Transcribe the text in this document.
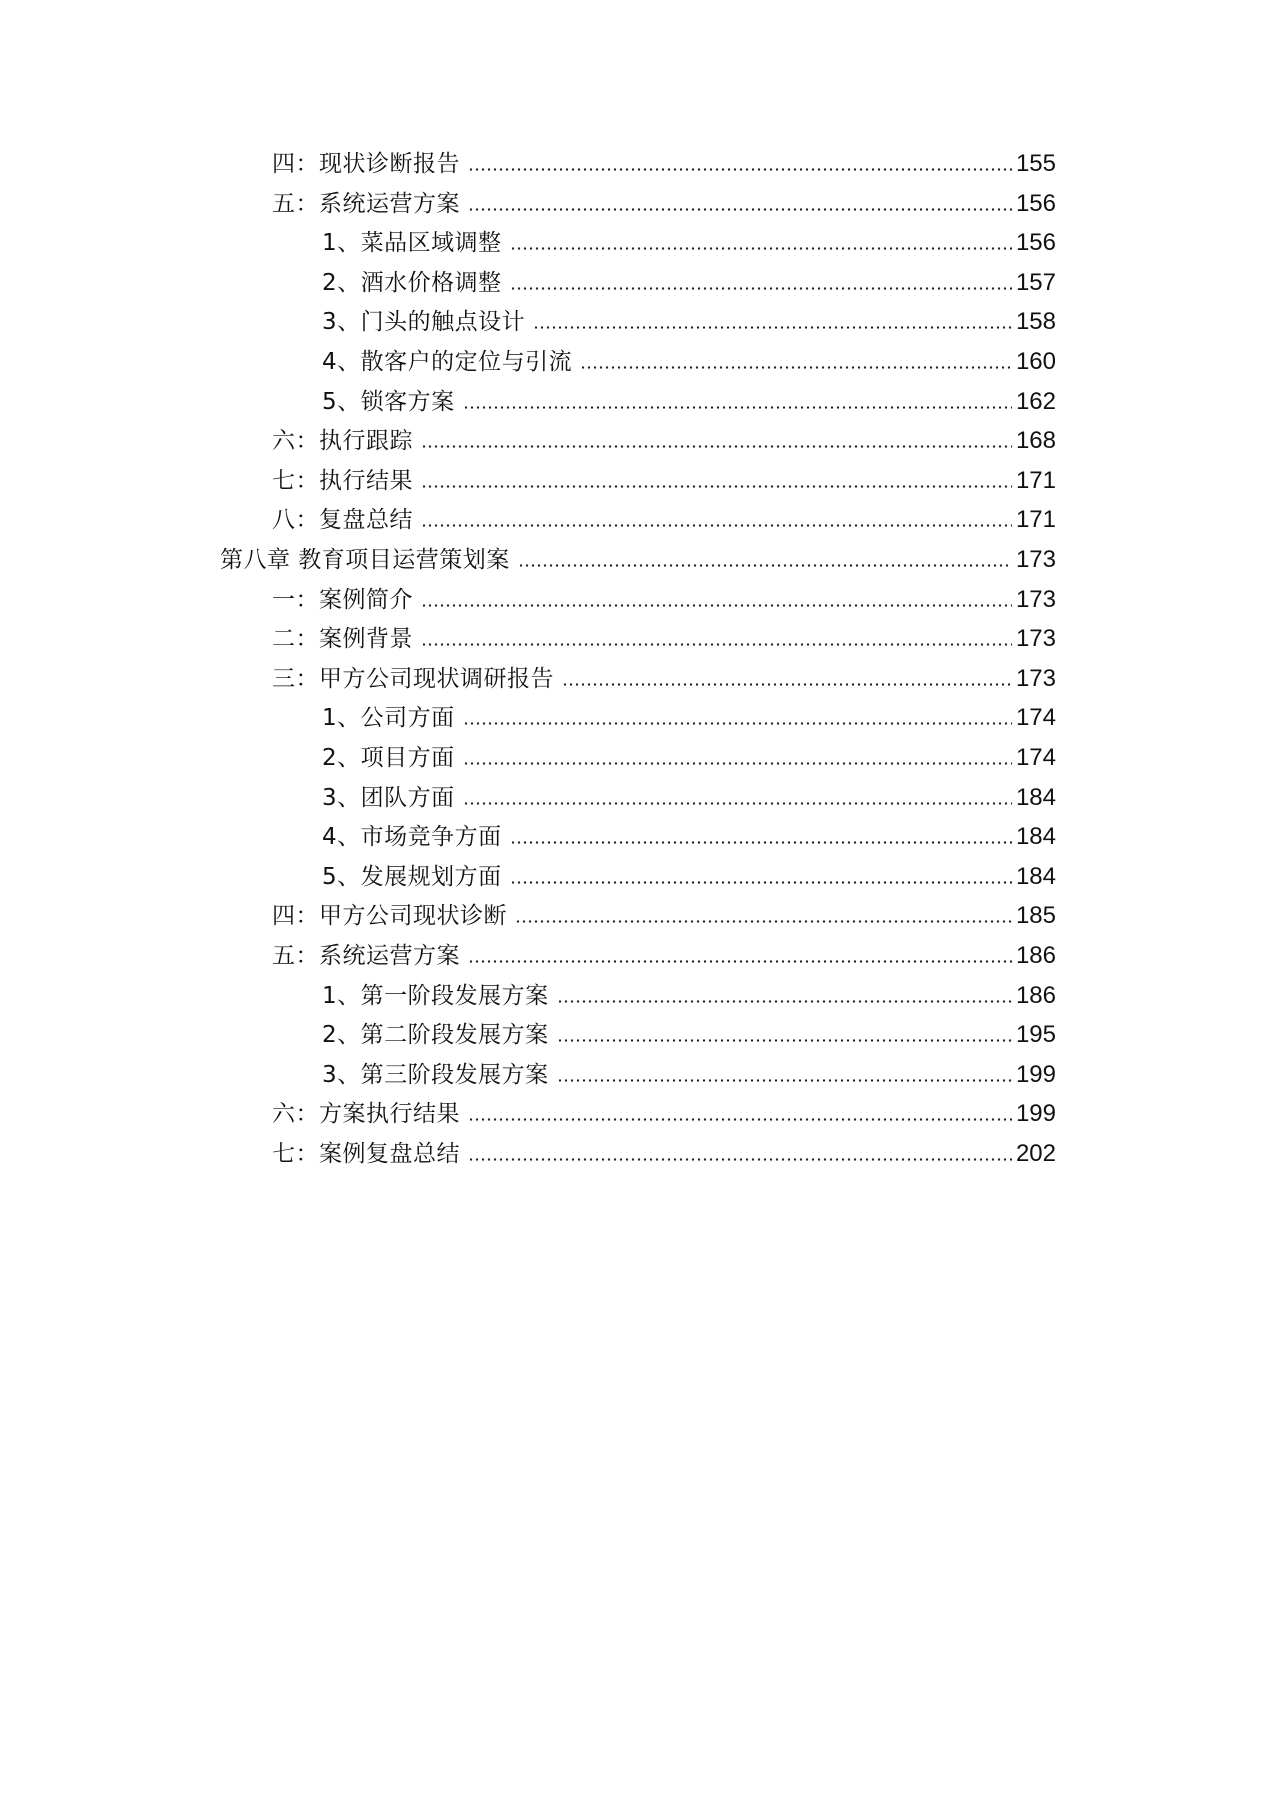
四：现状诊断报告	155
五：系统运营方案	156
1、菜品区域调整	156
2、酒水价格调整	157
3、门头的触点设计	158
4、散客户的定位与引流	160
5、锁客方案	162
六：执行跟踪	168
七：执行结果	171
八：复盘总结	171
第八章 教育项目运营策划案	173
一：案例简介	173
二：案例背景	173
三：甲方公司现状调研报告	173
1、公司方面	174
2、项目方面	174
3、团队方面	184
4、市场竞争方面	184
5、发展规划方面	184
四：甲方公司现状诊断	185
五：系统运营方案	186
1、第一阶段发展方案	186
2、第二阶段发展方案	195
3、第三阶段发展方案	199
六：方案执行结果	199
七：案例复盘总结	202
